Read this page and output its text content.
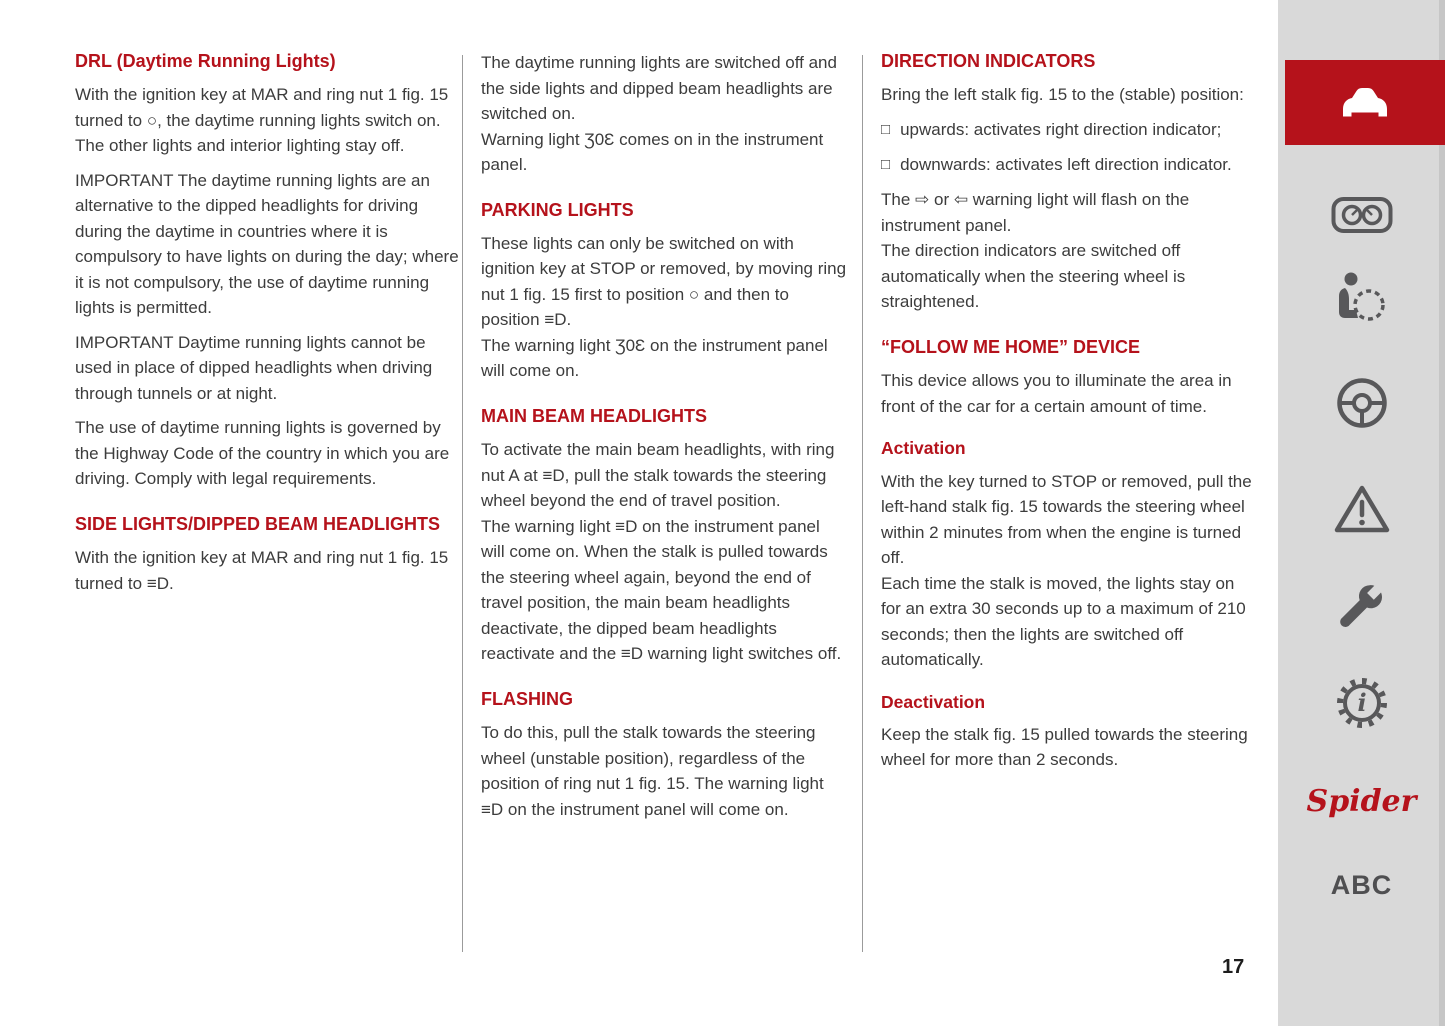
DRL (Daytime Running Lights)

With the ignition key at MAR and ring nut 1 fig. 15 turned to ○, the daytime running lights switch on.

The other lights and interior lighting stay off.

IMPORTANT The daytime running lights are an alternative to the dipped headlights for driving during the daytime in countries where it is compulsory to have lights on during the day; where it is not compulsory, the use of daytime running lights is permitted.

IMPORTANT Daytime running lights cannot be used in place of dipped headlights when driving through tunnels or at night.

The use of daytime running lights is governed by the Highway Code of the country in which you are driving. Comply with legal requirements.

SIDE LIGHTS/DIPPED BEAM HEADLIGHTS

With the ignition key at MAR and ring nut 1 fig. 15 turned to ≡D.

The daytime running lights are switched off and the side lights and dipped beam headlights are switched on.

Warning light Ʒ0Ɛ comes on in the instrument panel.

PARKING LIGHTS

These lights can only be switched on with ignition key at STOP or removed, by moving ring nut 1 fig. 15 first to position ○ and then to position ≡D.

The warning light Ʒ0Ɛ on the instrument panel will come on.

MAIN BEAM HEADLIGHTS

To activate the main beam headlights, with ring nut A at ≡D, pull the stalk towards the steering wheel beyond the end of travel position.

The warning light ≡D on the instrument panel will come on. When the stalk is pulled towards the steering wheel again, beyond the end of travel position, the main beam headlights deactivate, the dipped beam headlights reactivate and the ≡D warning light switches off.

FLASHING

To do this, pull the stalk towards the steering wheel (unstable position), regardless of the position of ring nut 1 fig. 15. The warning light ≡D on the instrument panel will come on.

DIRECTION INDICATORS

Bring the left stalk fig. 15 to the (stable) position:

□ upwards: activates right direction indicator;
□ downwards: activates left direction indicator.

The ⇨ or ⇦ warning light will flash on the instrument panel.

The direction indicators are switched off automatically when the steering wheel is straightened.

“FOLLOW ME HOME” DEVICE

This device allows you to illuminate the area in front of the car for a certain amount of time.

Activation

With the key turned to STOP or removed, pull the left-hand stalk fig. 15 towards the steering wheel within 2 minutes from when the engine is turned off.

Each time the stalk is moved, the lights stay on for an extra 30 seconds up to a maximum of 210 seconds; then the lights are switched off automatically.

Deactivation

Keep the stalk fig. 15 pulled towards the steering wheel for more than 2 seconds.

17
i
Spider
ABC
